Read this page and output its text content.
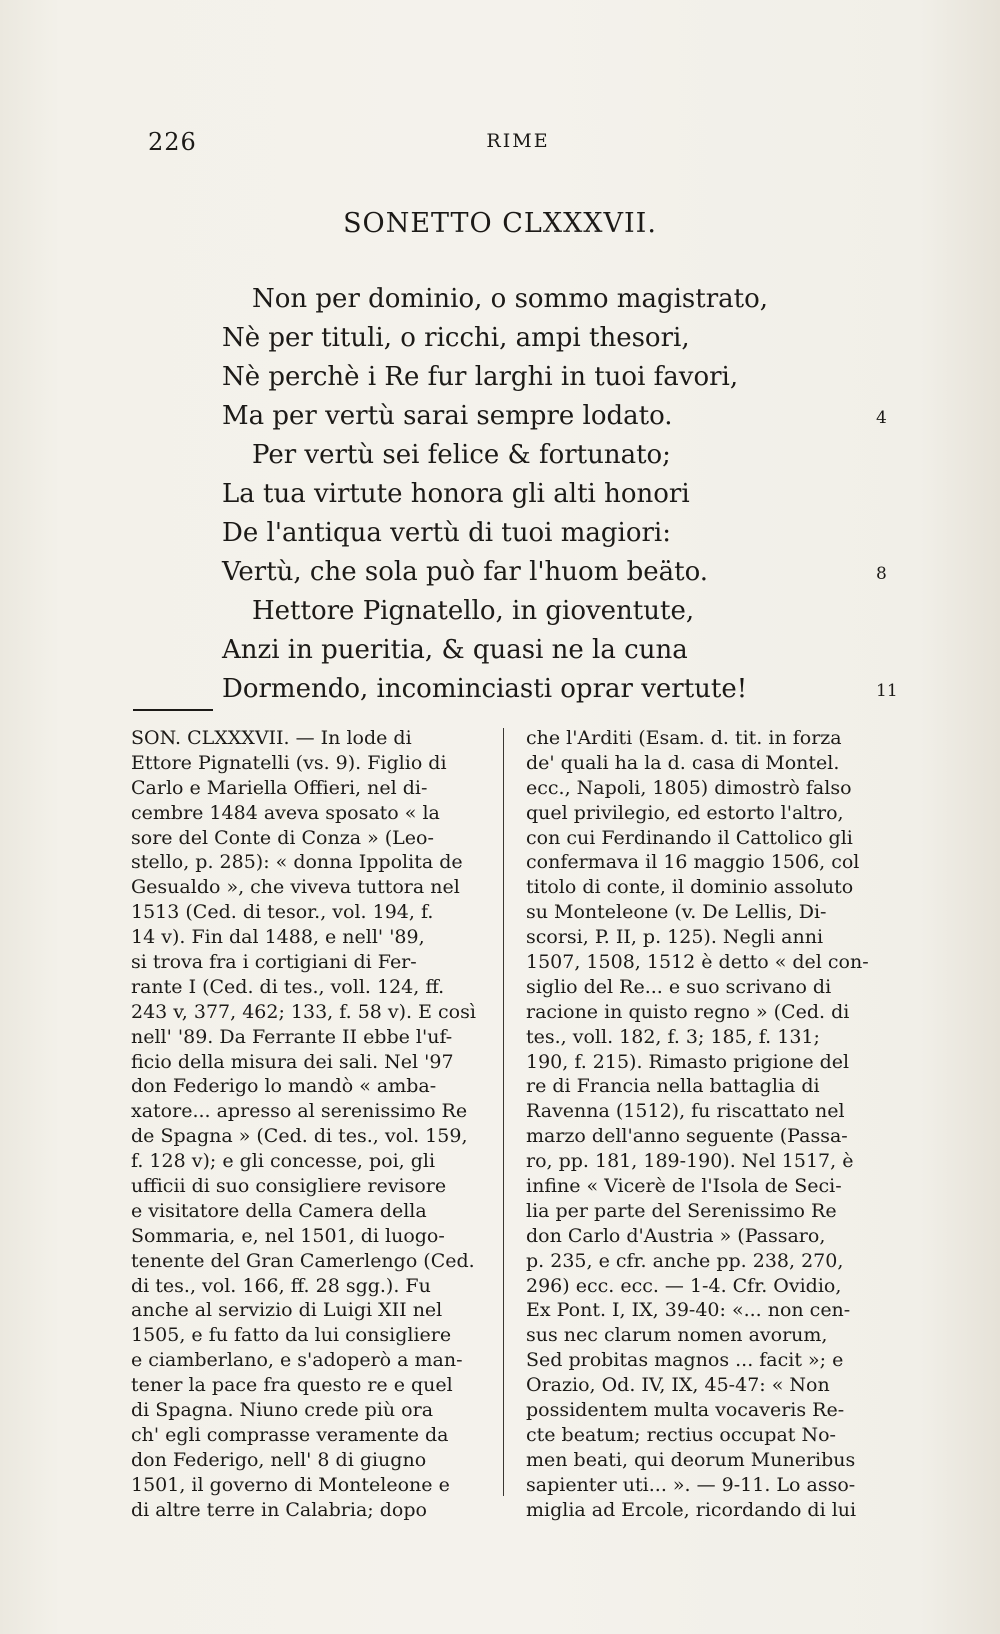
226	RIME
SONETTO CLXXXVII.
Non per dominio, o sommo magistrato,
Nè per tituli, o ricchi, ampi thesori,
Nè perchè i Re fur larghi in tuoi favori,
Ma per vertù sarai sempre lodato.	4
Per vertù sei felice & fortunato;
La tua virtute honora gli alti honori
De l'antiqua vertù di tuoi magiori:
Vertù, che sola può far l'huom beäto.	8
Hettore Pignatello, in gioventute,
Anzi in pueritia, & quasi ne la cuna
Dormendo, incominciasti oprar vertute!	11
SON. CLXXXVII. — In lode di
Ettore Pignatelli (vs. 9). Figlio di
Carlo e Mariella Offieri, nel di-
cembre 1484 aveva sposato « la
sore del Conte di Conza » (Leo-
stello, p. 285): « donna Ippolita de
Gesualdo », che viveva tuttora nel
1513 (Ced. di tesor., vol. 194, f.
14 v). Fin dal 1488, e nell' '89,
si trova fra i cortigiani di Fer-
rante I (Ced. di tes., voll. 124, ff.
243 v, 377, 462; 133, f. 58 v). E così
nell' '89. Da Ferrante II ebbe l'uf-
ficio della misura dei sali. Nel '97
don Federigo lo mandò « amba-
xatore... apresso al serenissimo Re
de Spagna » (Ced. di tes., vol. 159,
f. 128 v); e gli concesse, poi, gli
ufficii di suo consigliere revisore
e visitatore della Camera della
Sommaria, e, nel 1501, di luogo-
tenente del Gran Camerlengo (Ced.
di tes., vol. 166, ff. 28 sgg.). Fu
anche al servizio di Luigi XII nel
1505, e fu fatto da lui consigliere
e ciamberlano, e s'adoperò a man-
tener la pace fra questo re e quel
di Spagna. Niuno crede più ora
ch' egli comprasse veramente da
don Federigo, nell' 8 di giugno
1501, il governo di Monteleone e
di altre terre in Calabria; dopo
che l'Arditi (Esam. d. tit. in forza
de' quali ha la d. casa di Montel.
ecc., Napoli, 1805) dimostrò falso
quel privilegio, ed estorto l'altro,
con cui Ferdinando il Cattolico gli
confermava il 16 maggio 1506, col
titolo di conte, il dominio assoluto
su Monteleone (v. De Lellis, Di-
scorsi, P. II, p. 125). Negli anni
1507, 1508, 1512 è detto « del con-
siglio del Re... e suo scrivano di
racione in quisto regno » (Ced. di
tes., voll. 182, f. 3; 185, f. 131;
190, f. 215). Rimasto prigione del
re di Francia nella battaglia di
Ravenna (1512), fu riscattato nel
marzo dell'anno seguente (Passa-
ro, pp. 181, 189-190). Nel 1517, è
infine « Vicerè de l'Isola de Seci-
lia per parte del Serenissimo Re
don Carlo d'Austria » (Passaro,
p. 235, e cfr. anche pp. 238, 270,
296) ecc. ecc. — 1-4. Cfr. Ovidio,
Ex Pont. I, IX, 39-40: «... non cen-
sus nec clarum nomen avorum,
Sed probitas magnos ... facit »; e
Orazio, Od. IV, IX, 45-47: « Non
possidentem multa vocaveris Re-
cte beatum; rectius occupat No-
men beati, qui deorum Muneribus
sapienter uti... ». — 9-11. Lo asso-
miglia ad Ercole, ricordando di lui
